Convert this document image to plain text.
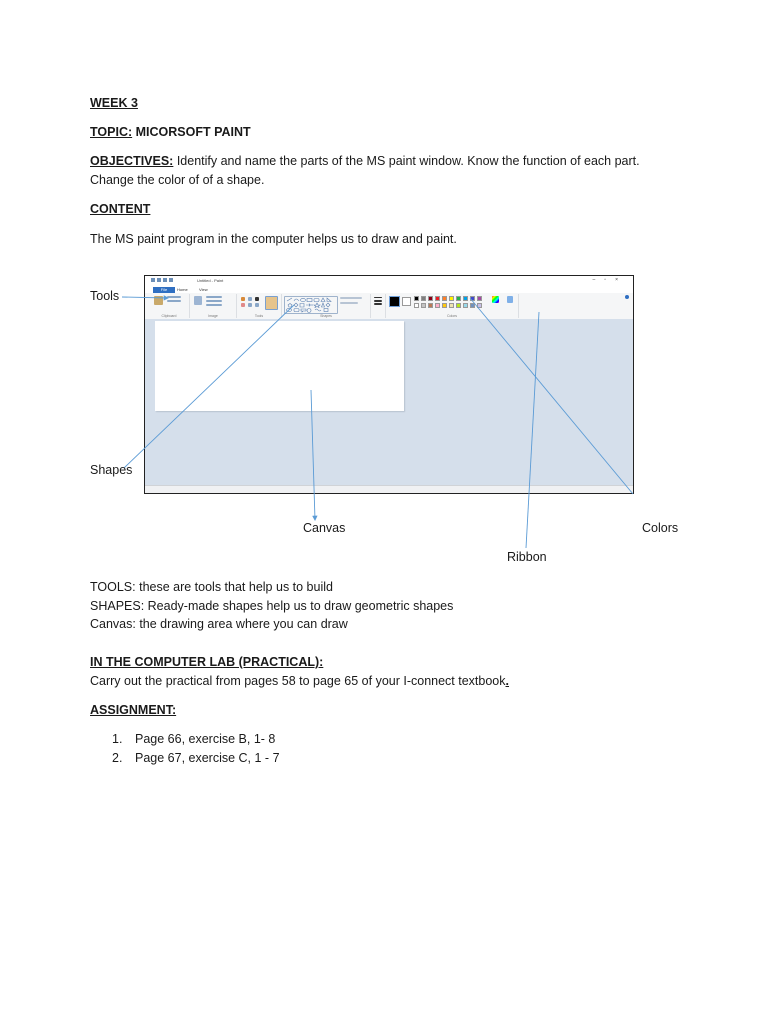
WEEK 3
TOPIC: MICORSOFT PAINT
OBJECTIVES: Identify and name the parts of the MS paint window. Know the function of each part.
Change the color of of a shape.
CONTENT
The MS paint program in the computer helps us to draw and paint.
Untitled - Paint	–▫×
File	Home	View
Clipboard	Image	Tools	Shapes	Colors
Tools
Shapes
Canvas	Colors
Ribbon
TOOLS: these are tools that help us to build
SHAPES: Ready-made shapes help us to draw geometric shapes
Canvas: the drawing area where you can draw
IN THE COMPUTER LAB (PRACTICAL):
Carry out the practical from pages 58 to page 65 of your I-connect textbook.
ASSIGNMENT:
1. Page 66, exercise B, 1- 8
2. Page 67, exercise C, 1 - 7
